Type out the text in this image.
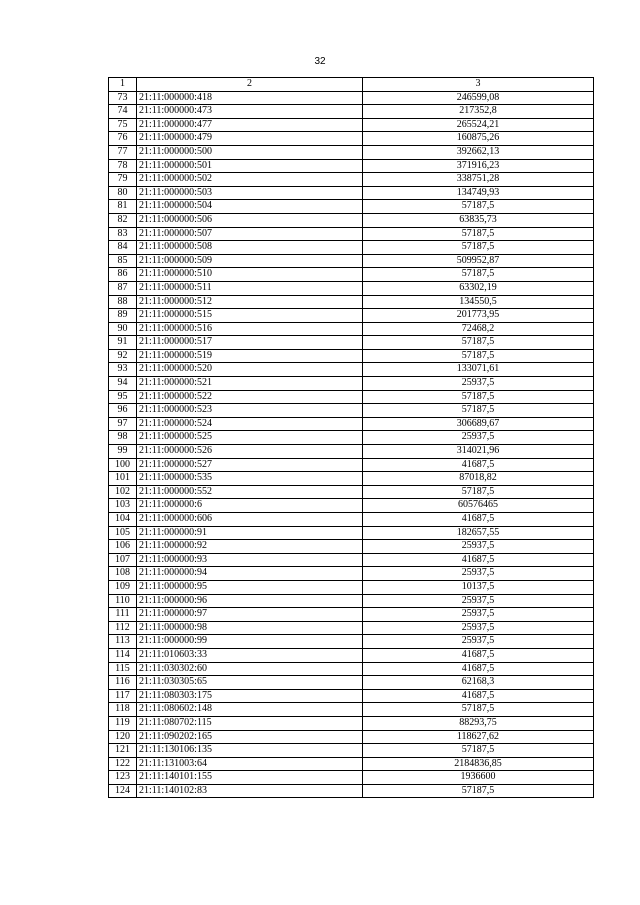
32
1	2	3
73	21:11:000000:418	246599,08
74	21:11:000000:473	217352,8
75	21:11:000000:477	265524,21
76	21:11:000000:479	160875,26
77	21:11:000000:500	392662,13
78	21:11:000000:501	371916,23
79	21:11:000000:502	338751,28
80	21:11:000000:503	134749,93
81	21:11:000000:504	57187,5
82	21:11:000000:506	63835,73
83	21:11:000000:507	57187,5
84	21:11:000000:508	57187,5
85	21:11:000000:509	509952,87
86	21:11:000000:510	57187,5
87	21:11:000000:511	63302,19
88	21:11:000000:512	134550,5
89	21:11:000000:515	201773,95
90	21:11:000000:516	72468,2
91	21:11:000000:517	57187,5
92	21:11:000000:519	57187,5
93	21:11:000000:520	133071,61
94	21:11:000000:521	25937,5
95	21:11:000000:522	57187,5
96	21:11:000000:523	57187,5
97	21:11:000000:524	306689,67
98	21:11:000000:525	25937,5
99	21:11:000000:526	314021,96
100	21:11:000000:527	41687,5
101	21:11:000000:535	87018,82
102	21:11:000000:552	57187,5
103	21:11:000000:6	60576465
104	21:11:000000:606	41687,5
105	21:11:000000:91	182657,55
106	21:11:000000:92	25937,5
107	21:11:000000:93	41687,5
108	21:11:000000:94	25937,5
109	21:11:000000:95	10137,5
110	21:11:000000:96	25937,5
111	21:11:000000:97	25937,5
112	21:11:000000:98	25937,5
113	21:11:000000:99	25937,5
114	21:11:010603:33	41687,5
115	21:11:030302:60	41687,5
116	21:11:030305:65	62168,3
117	21:11:080303:175	41687,5
118	21:11:080602:148	57187,5
119	21:11:080702:115	88293,75
120	21:11:090202:165	118627,62
121	21:11:130106:135	57187,5
122	21:11:131003:64	2184836,85
123	21:11:140101:155	1936600
124	21:11:140102:83	57187,5
